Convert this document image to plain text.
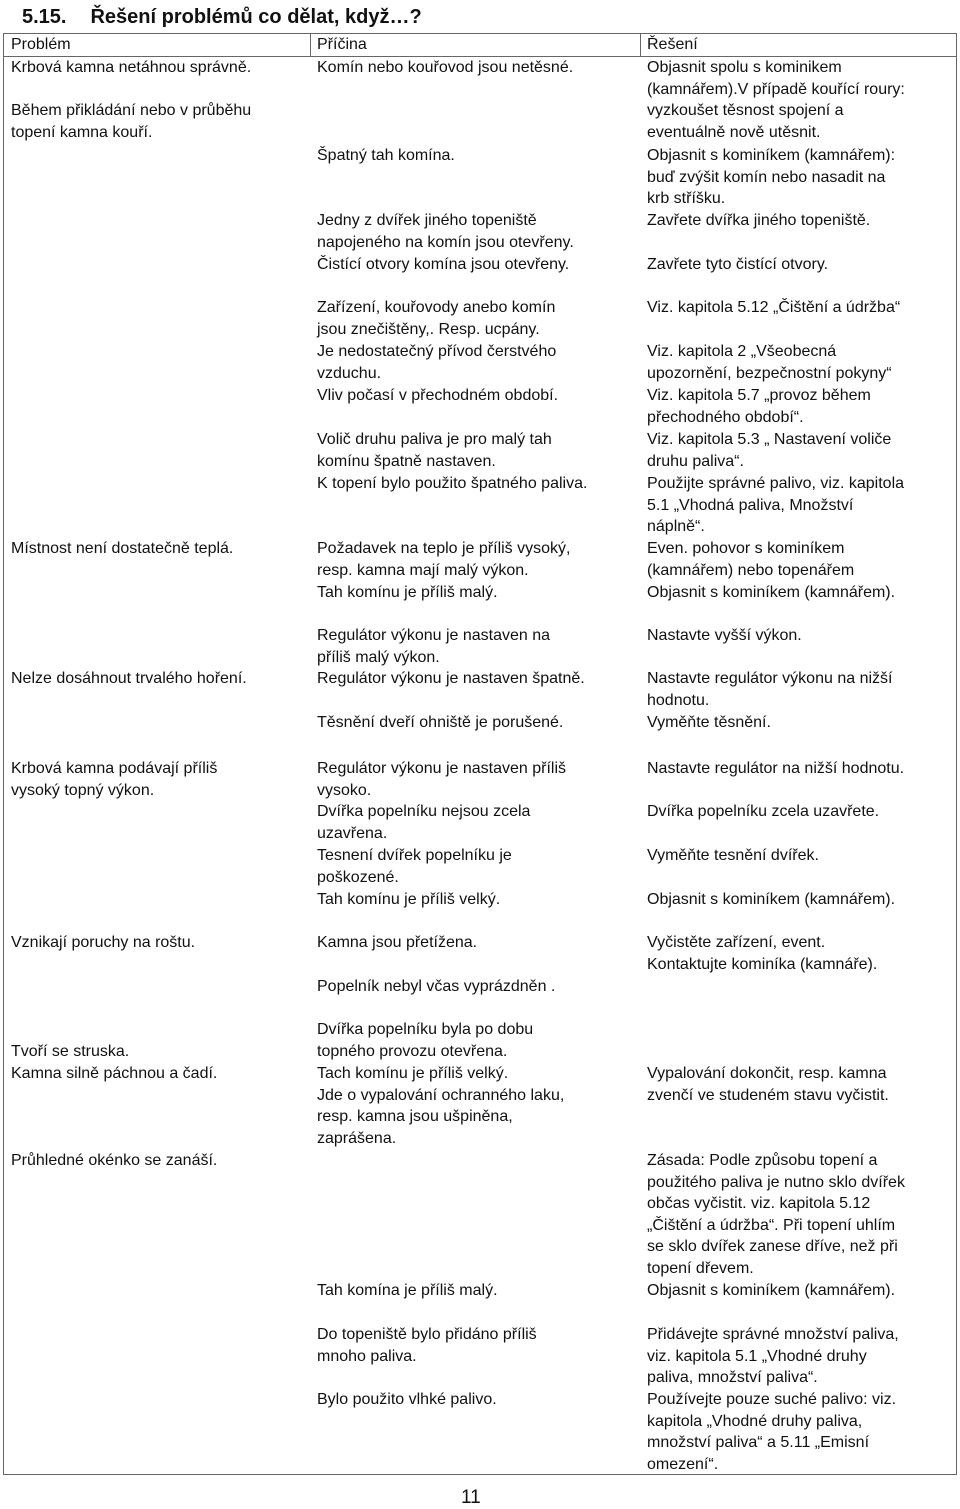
5.15. Řešení problémů co dělat, když…?
Problém	Příčina	Řešení
Krbová kamna netáhnou správně.

Během přikládání nebo v průběhu
topení kamna kouří.
Místnost není dostatečně teplá.
Nelze dosáhnout trvalého hoření.
Krbová kamna podávají příliš
vysoký topný výkon.
Vznikají poruchy na roštu.
Tvoří se struska.
Kamna silně páchnou a čadí.
Průhledné okénko se zanáší.
Komín nebo kouřovod jsou netěsné.
Špatný tah komína.
Jedny z dvířek jiného topeniště
napojeného na komín jsou otevřeny.
Čistící otvory komína jsou otevřeny.
Zařízení, kouřovody anebo komín
jsou znečištěny,. Resp. ucpány.
Je nedostatečný přívod čerstvého
vzduchu.
Vliv počasí v přechodném období.
Volič druhu paliva je pro malý tah
komínu špatně nastaven.
K topení bylo použito špatného paliva.
Požadavek na teplo je příliš vysoký,
resp. kamna mají malý výkon.
Tah komínu je příliš malý.
Regulátor výkonu je nastaven na
příliš malý výkon.
Regulátor výkonu je nastaven špatně.
Těsnění dveří ohniště je porušené.
Regulátor výkonu je nastaven příliš
vysoko.
Dvířka popelníku nejsou zcela
uzavřena.
Tesnení dvířek popelníku je
poškozené.
Tah komínu je příliš velký.
Kamna jsou přetížena.
Popelník nebyl včas vyprázdněn .
Dvířka popelníku byla po dobu
topného provozu otevřena.
Tach komínu je příliš velký.
Jde o vypalování ochranného laku,
resp. kamna jsou ušpiněna,
zaprášena.
Tah komína je příliš malý.
Do topeniště bylo přidáno příliš
mnoho paliva.
Bylo použito vlhké palivo.
Objasnit spolu s kominikem
(kamnářem).V případě kouřící roury:
vyzkoušet těsnost spojení a
eventuálně nově utěsnit.
Objasnit s kominíkem (kamnářem):
buď zvýšit komín nebo nasadit na
krb stříšku.
Zavřete dvířka jiného topeniště.
Zavřete tyto čistící otvory.
Viz. kapitola 5.12 „Čištění a údržba“
Viz. kapitola 2 „Všeobecná
upozornění, bezpečnostní pokyny“
Viz. kapitola 5.7 „provoz během
přechodného období“.
Viz. kapitola 5.3 „ Nastavení voliče
druhu paliva“.
Použijte správné palivo, viz. kapitola
5.1 „Vhodná paliva, Množství
náplně“.
Even. pohovor s kominíkem
(kamnářem) nebo topenářem
Objasnit s kominíkem (kamnářem).
Nastavte vyšší výkon.
Nastavte regulátor výkonu na nižší
hodnotu.
Vyměňte těsnění.
Nastavte regulátor na nižší hodnotu.
Dvířka popelníku zcela uzavřete.
Vyměňte tesnění dvířek.
Objasnit s kominíkem (kamnářem).
Vyčistěte zařízení, event.
Kontaktujte kominíka (kamnáře).
Vypalování dokončit, resp. kamna
zvenčí ve studeném stavu vyčistit.
Zásada: Podle způsobu topení a
použitého paliva je nutno sklo dvířek
občas vyčistit. viz. kapitola 5.12
„Čištění a údržba“. Při topení uhlím
se sklo dvířek zanese dříve, než při
topení dřevem.
Objasnit s kominíkem (kamnářem).
Přidávejte správné množství paliva,
viz. kapitola 5.1 „Vhodné druhy
paliva, množství paliva“.
Používejte pouze suché palivo: viz.
kapitola „Vhodné druhy paliva,
množství paliva“ a 5.11 „Emisní
omezení“.
11
